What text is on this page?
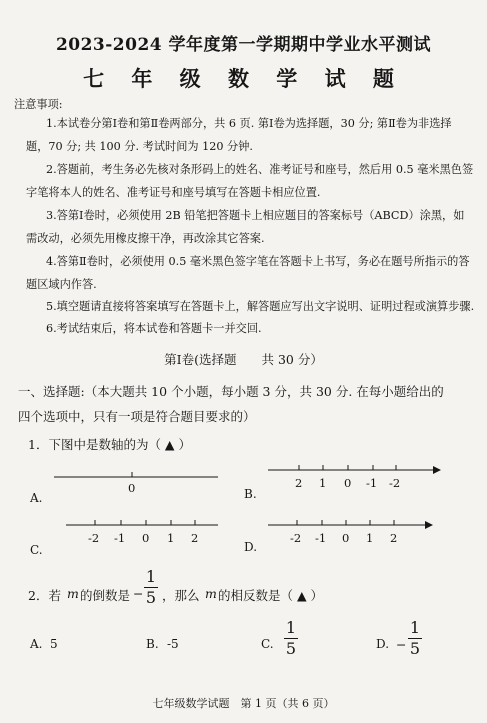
2023-2024 学年度第一学期期中学业水平测试
七 年 级 数 学 试 题
注意事项:
1.本试卷分第Ⅰ卷和第Ⅱ卷两部分，共 6 页. 第Ⅰ卷为选择题，30 分; 第Ⅱ卷为非选择
题，70 分; 共 100 分. 考试时间为 120 分钟.
2.答题前，考生务必先核对条形码上的姓名、准考证号和座号，然后用 0.5 毫米黑色签
字笔将本人的姓名、准考证号和座号填写在答题卡相应位置.
3.答第Ⅰ卷时，必须使用 2B 铅笔把答题卡上相应题目的答案标号（ABCD）涂黑，如
需改动，必须先用橡皮擦干净，再改涂其它答案.
4.答第Ⅱ卷时，必须使用 0.5 毫米黑色签字笔在答题卡上书写，务必在题号所指示的答
题区域内作答.
5.填空题请直接将答案填写在答题卡上，解答题应写出文字说明、证明过程或演算步骤.
6.考试结束后，将本试卷和答题卡一并交回.
第Ⅰ卷(选择题　　共 30 分）
一、选择题:（本大题共 10 个小题，每小题 3 分，共 30 分. 在每小题给出的
四个选项中，只有一项是符合题目要求的）
1．下图中是数轴的为（ ▲ ）
A.
0	B.
2 1 0 -1 -2
C.
-2 -1 0 1 2
D.
-2 -1 0 1 2
2．若 m 的倒数是 −
1
5 ，那么 m 的相反数是（ ▲ ）
A. 5	B. -5	C.
1
5	D. −
1
5
七年级数学试题　第 1 页（共 6 页）
